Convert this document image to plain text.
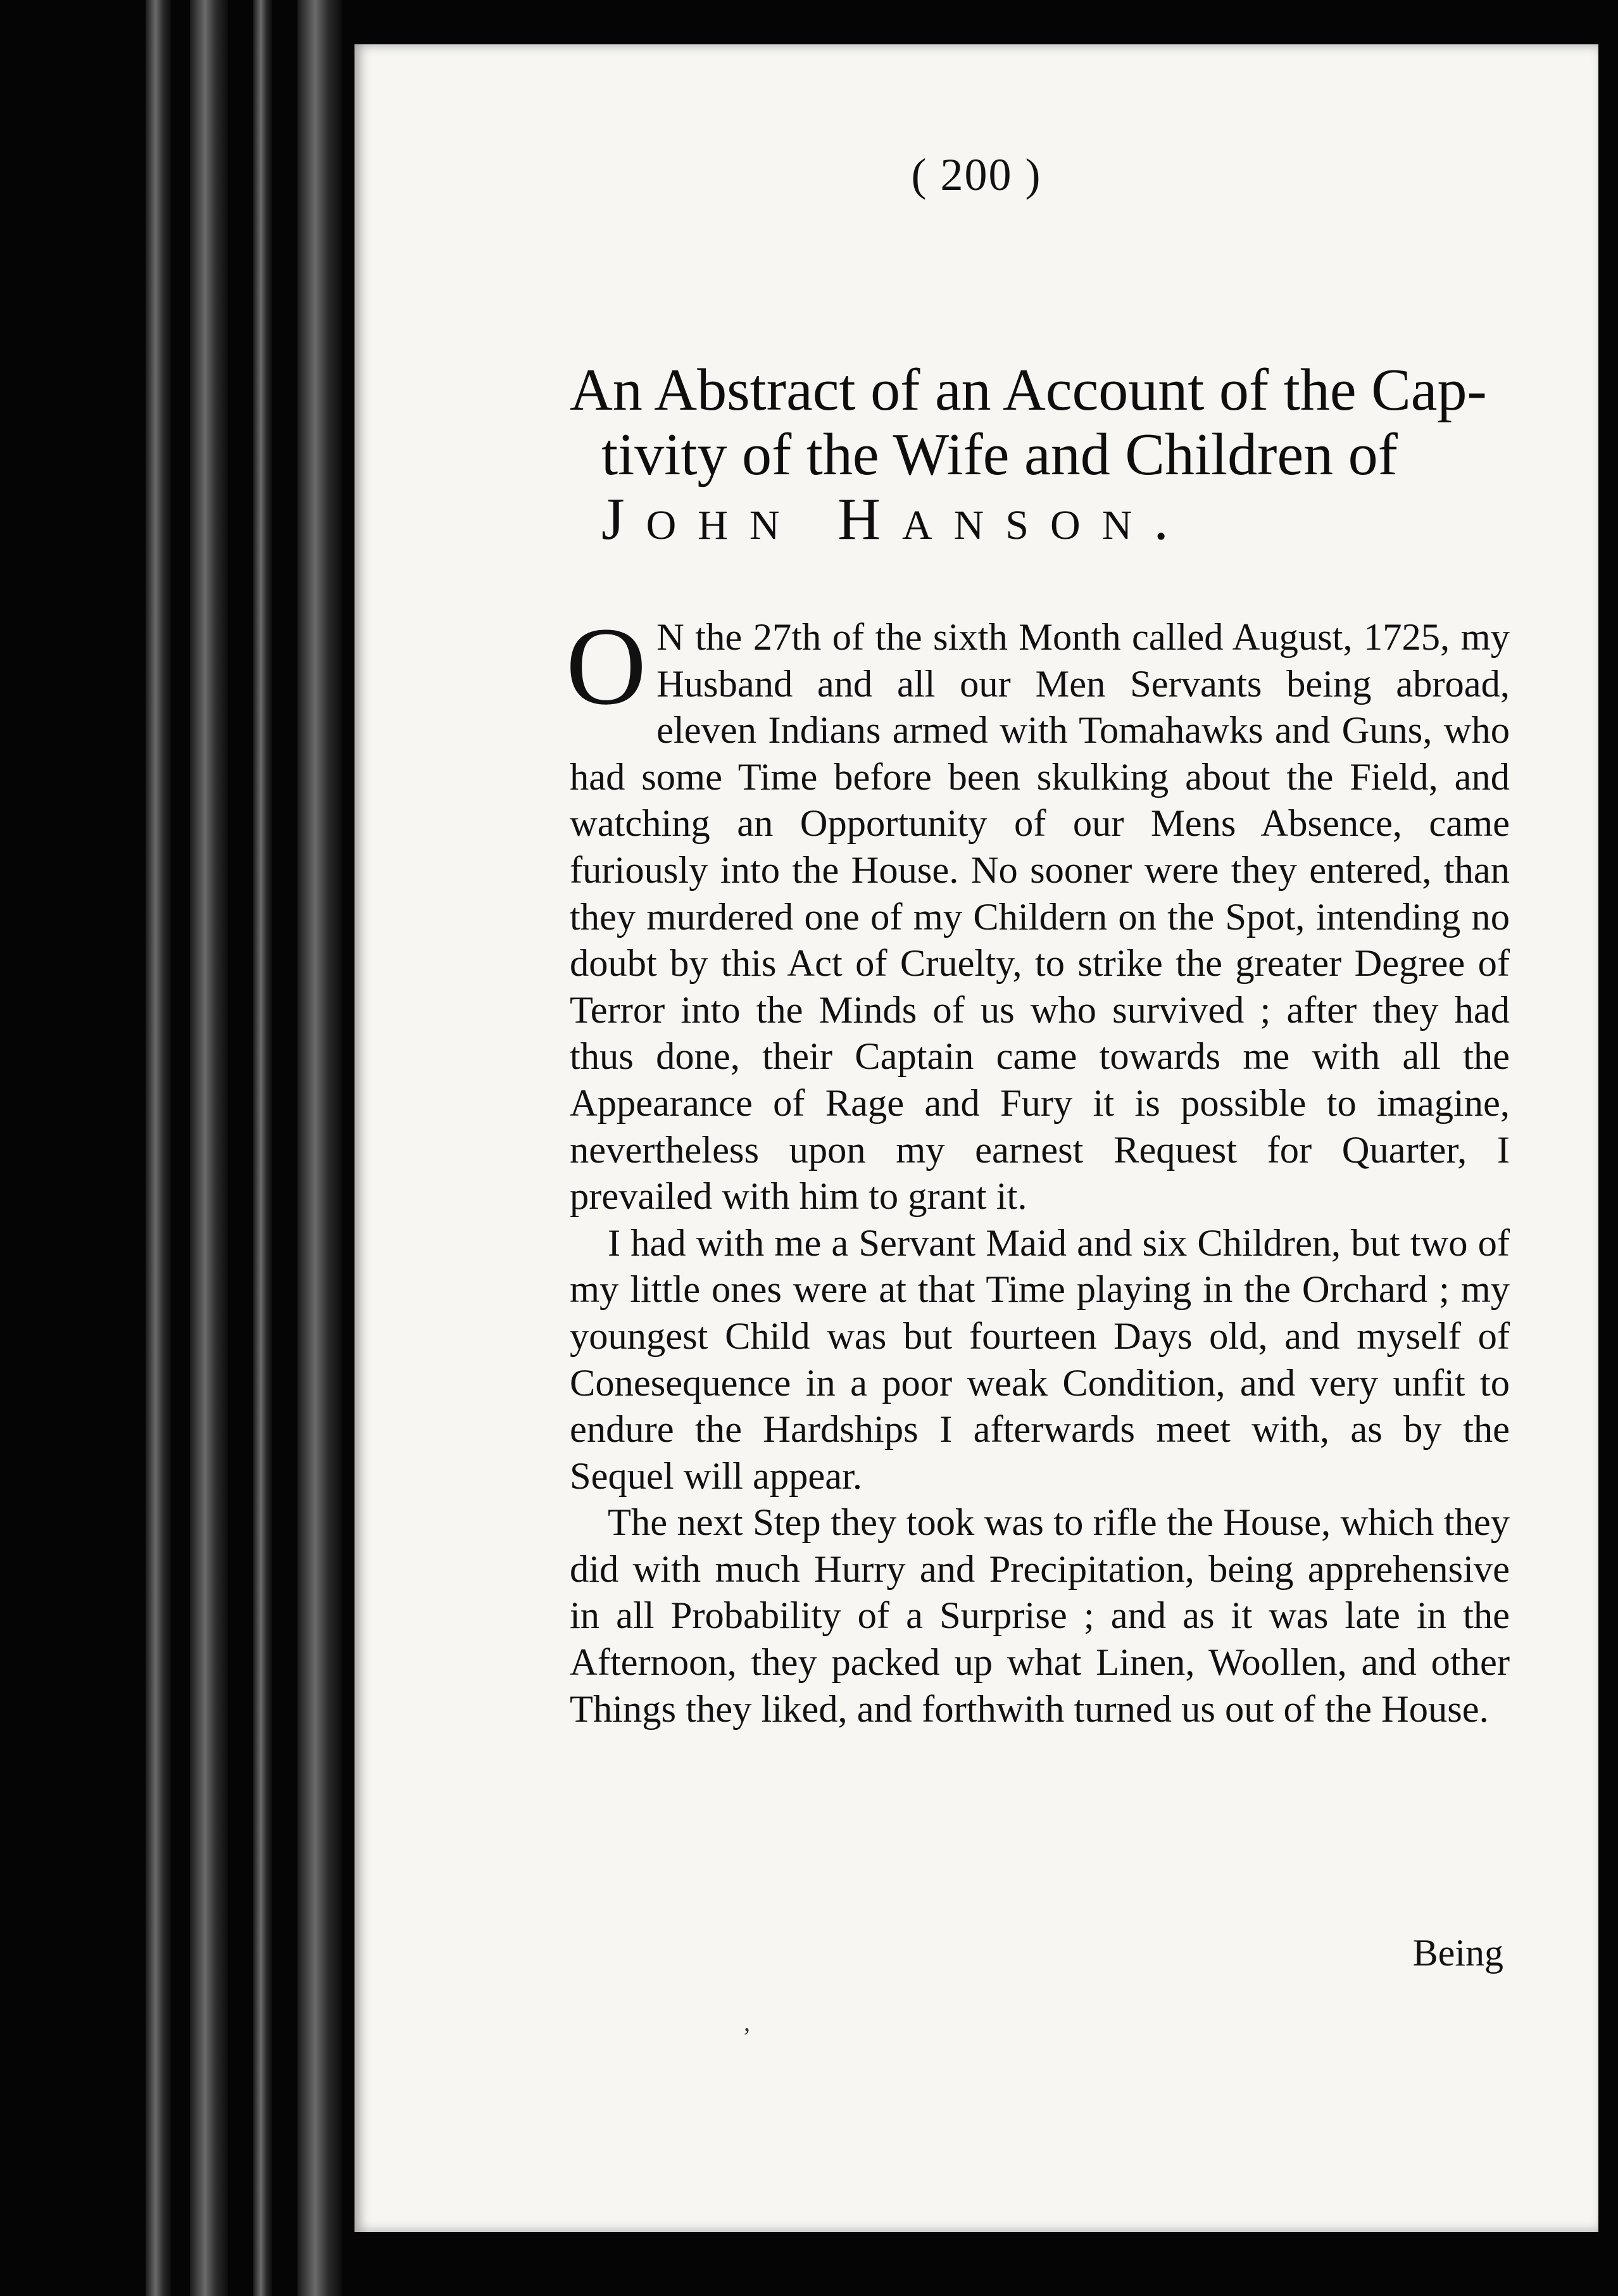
( 200 )
An Abstract of an Account of the Cap-
tivity of the Wife and Children of
John Hanson.

O N the 27th of the sixth Month called August, 1725, my Husband and all our Men Servants being abroad, eleven Indians armed with Tomahawks and Guns, who had some Time before been skulking about the Field, and watching an Opportunity of our Mens Absence, came furiously into the House. No sooner were they entered, than they murdered one of my Childern on the Spot, intending no doubt by this Act of Cruelty, to strike the greater Degree of Terror into the Minds of us who survived ; after they had thus done, their Captain came towards me with all the Appearance of Rage and Fury it is possible to imagine, nevertheless upon my earnest Request for Quarter, I prevailed with him to grant it.

I had with me a Servant Maid and six Children, but two of my little ones were at that Time playing in the Orchard ; my youngest Child was but fourteen Days old, and myself of Conesequence in a poor weak Condition, and very unfit to endure the Hardships I afterwards meet with, as by the Sequel will appear.

The next Step they took was to rifle the House, which they did with much Hurry and Precipitation, being apprehensive in all Probability of a Surprise ; and as it was late in the Afternoon, they packed up what Linen, Woollen, and other Things they liked, and forthwith turned us out of the House.

Being
,
